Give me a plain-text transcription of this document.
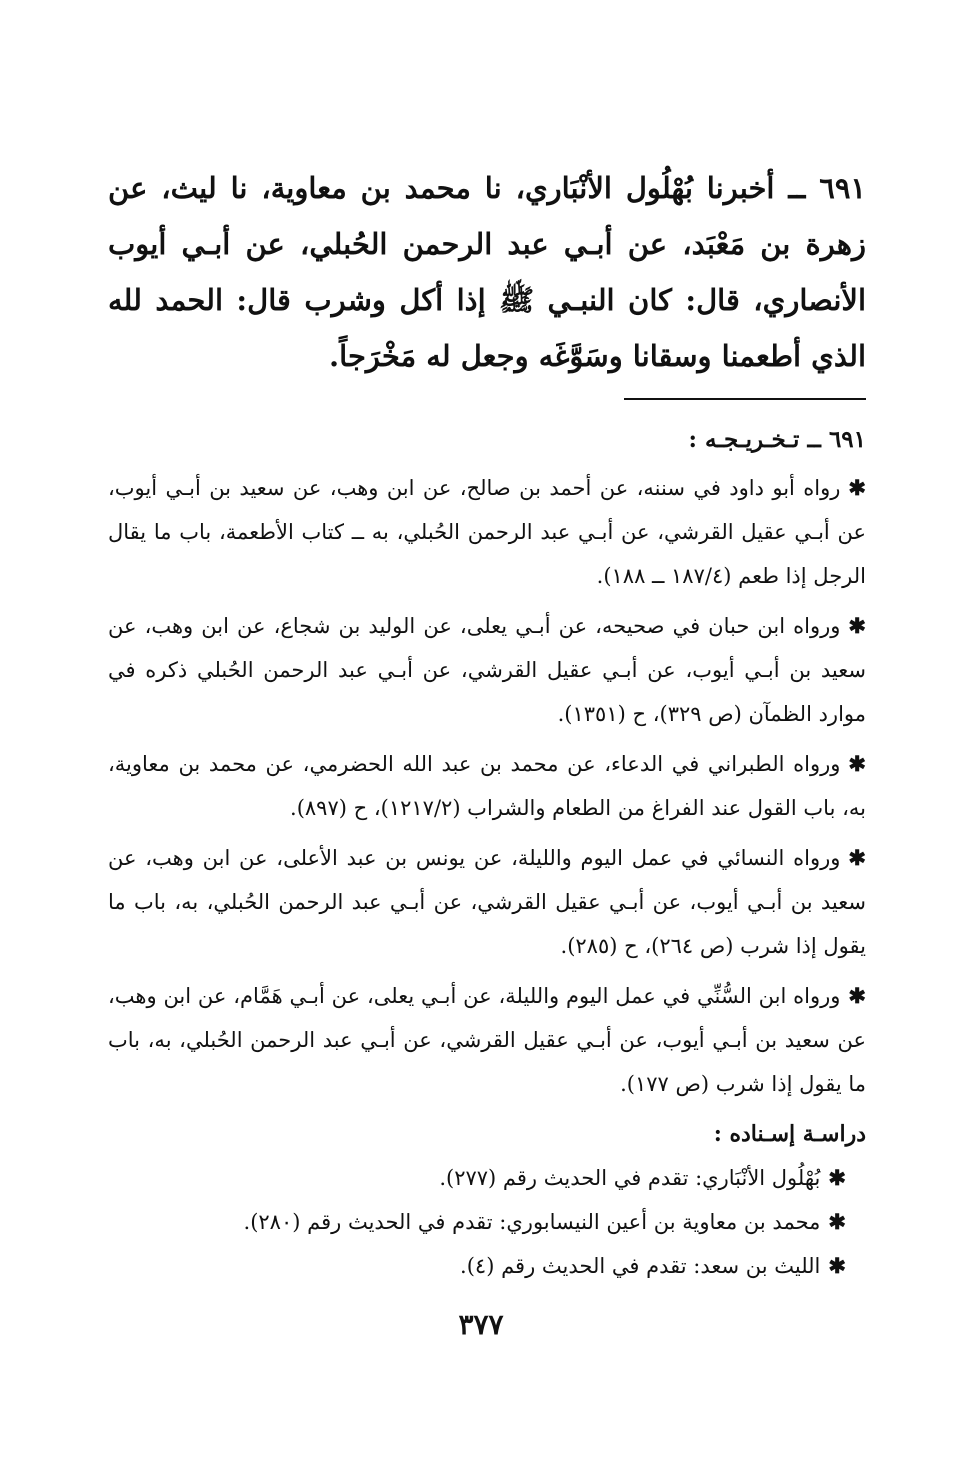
٦٩١ ــ أخبرنا بُهْلُول الأنْبَاري، نا محمد بن معاوية، نا ليث، عن زهرة بن مَعْبَد، عن أبـي عبد الرحمن الحُبلي، عن أبـي أيوب الأنصاري، قال: كان النبـي ﷺ إذا أكل وشرب قال: الحمد لله الذي أطعمنا وسقانا وسَوَّغَه وجعل له مَخْرَجاً.

٦٩١ ــ تـخـريـجـه :

✱رواه أبو داود في سننه، عن أحمد بن صالح، عن ابن وهب، عن سعيد بن أبـي أيوب، عن أبـي عقيل القرشي، عن أبـي عبد الرحمن الحُبلي، به ــ كتاب الأطعمة، باب ما يقال الرجل إذا طعم (١٨٧/٤ ــ ١٨٨).

✱ورواه ابن حبان في صحيحه، عن أبـي يعلى، عن الوليد بن شجاع، عن ابن وهب، عن سعيد بن أبـي أيوب، عن أبـي عقيل القرشي، عن أبـي عبد الرحمن الحُبلي ذكره في موارد الظمآن (ص ٣٢٩)، ح (١٣٥١).

✱ورواه الطبراني في الدعاء، عن محمد بن عبد الله الحضرمي، عن محمد بن معاوية، به، باب القول عند الفراغ من الطعام والشراب (١٢١٧/٢)، ح (٨٩٧).

✱ورواه النسائي في عمل اليوم والليلة، عن يونس بن عبد الأعلى، عن ابن وهب، عن سعيد بن أبـي أيوب، عن أبـي عقيل القرشي، عن أبـي عبد الرحمن الحُبلي، به، باب ما يقول إذا شرب (ص ٢٦٤)، ح (٢٨٥).

✱ورواه ابن السُّنِّي في عمل اليوم والليلة، عن أبـي يعلى، عن أبـي هَمَّام، عن ابن وهب، عن سعيد بن أبـي أيوب، عن أبـي عقيل القرشي، عن أبـي عبد الرحمن الحُبلي، به، باب ما يقول إذا شرب (ص ١٧٧).

دراسـة إسـناده :

✱بُهْلُول الأنْبَاري: تقدم في الحديث رقم (٢٧٧).

✱محمد بن معاوية بن أعين النيسابوري: تقدم في الحديث رقم (٢٨٠).

✱الليث بن سعد: تقدم في الحديث رقم (٤).

٣٧٧
